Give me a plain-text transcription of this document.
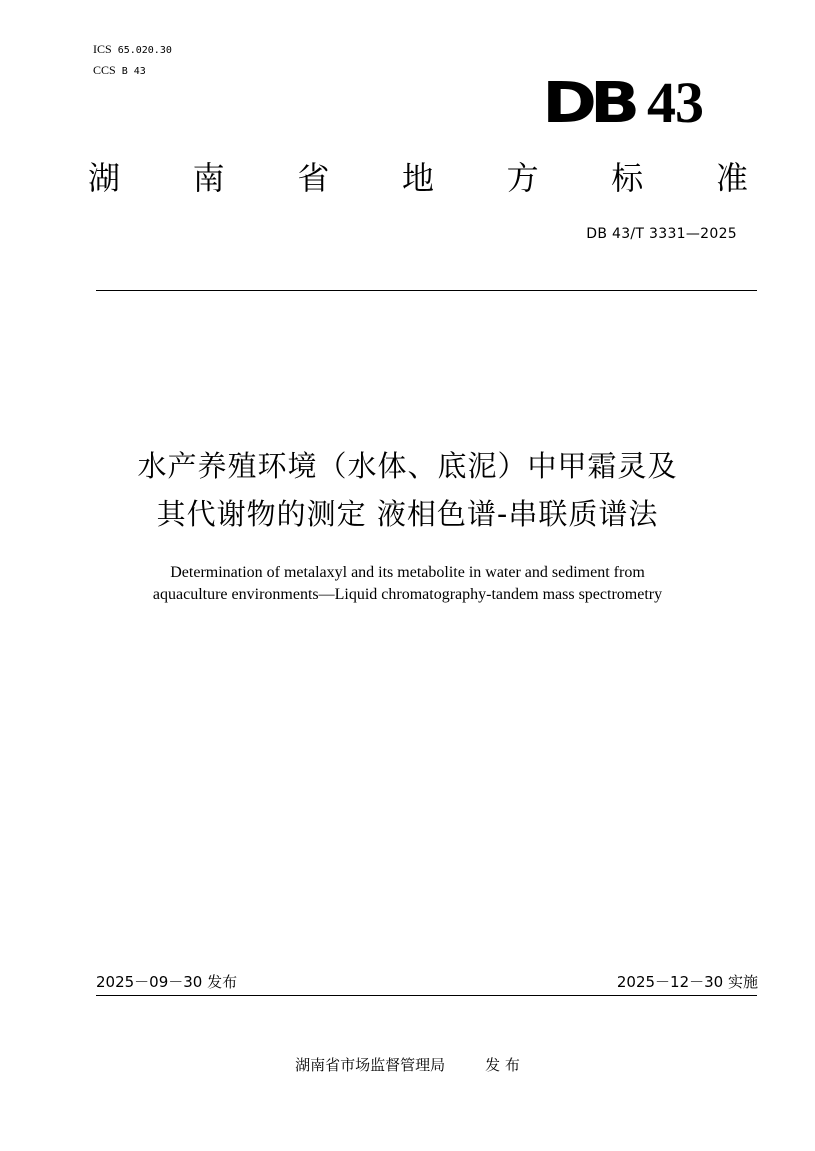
ICS 65.020.30
CCS B 43	DB 43
湖 南 省 地 方 标 准
DB 43/T 3331—2025
水产养殖环境（水体、底泥）中甲霜灵及
其代谢物的测定 液相色谱-串联质谱法
Determination of metalaxyl and its metabolite in water and sediment from
aquaculture environments—Liquid chromatography-tandem mass spectrometry
2025－09－30 发布	2025－12－30 实施
湖南省市场监督管理局	发 布
